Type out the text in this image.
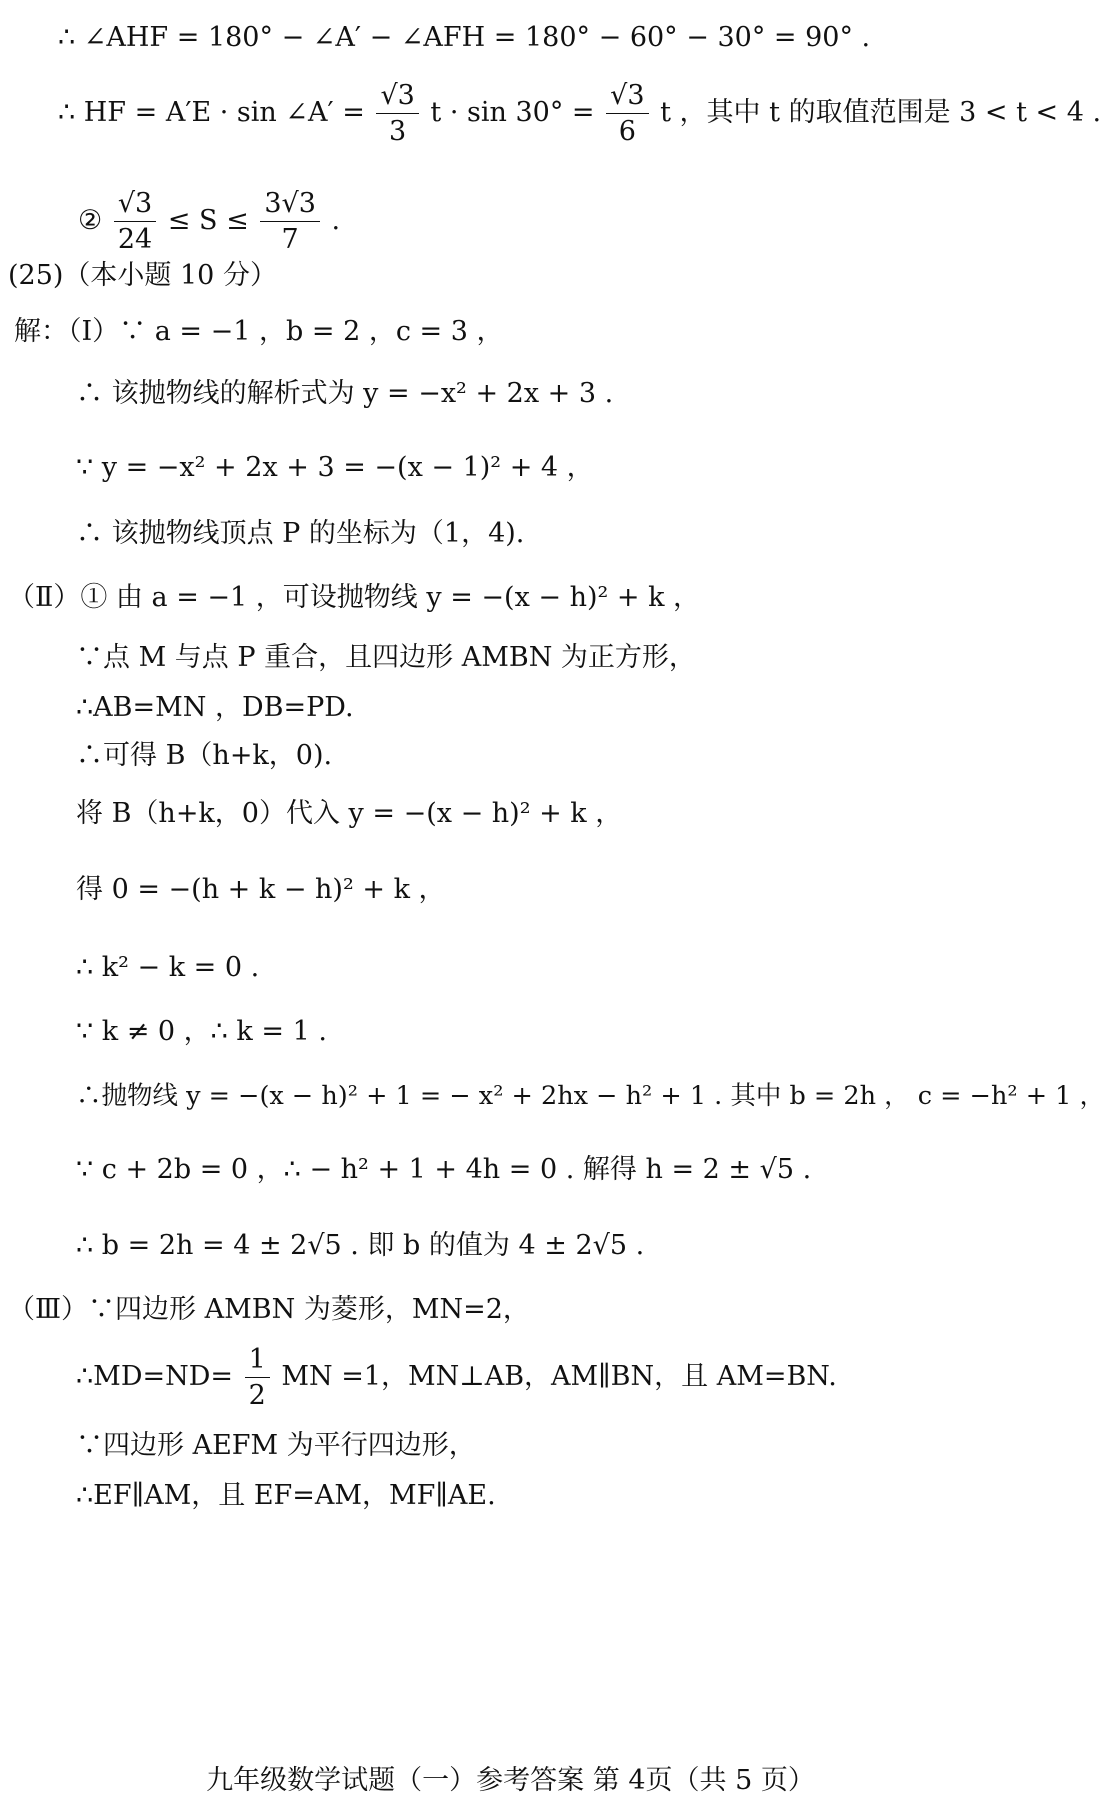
∴ ∠AHF = 180° − ∠A′ − ∠AFH = 180° − 60° − 30° = 90° .
∴ HF = A′E · sin ∠A′ = $\frac{√3}{3}$ $t \cdot \sin 30^\circ = \frac{√3}{6}$ t ，其中 t 的取值范围是 3 < t < 4 .
② $\frac{√3}{24} \le S \le \frac{3√3}{7}$ .
(25)（本小题 10 分）
解：（Ⅰ）∵ a = −1 ，b = 2 ，c = 3 ，
∴ 该抛物线的解析式为 y = −x² + 2x + 3 .
∵ y = −x² + 2x + 3 = −(x − 1)² + 4 ，
∴ 该抛物线顶点 P 的坐标为（1，4).
（Ⅱ）① 由 a = −1 ，可设抛物线 y = −(x − h)² + k ，
∵点 M 与点 P 重合，且四边形 AMBN 为正方形，
∴AB=MN ，DB=PD.
∴可得 B（h+k，0).
将 B（h+k，0）代入 y = −(x − h)² + k ，
得 0 = −(h + k − h)² + k ，
∴ k² − k = 0 .
∵ k ≠ 0 ，∴ k = 1 .
∴抛物线 y = −(x − h)² + 1 = − x² + 2hx − h² + 1 . 其中 b = 2h ， c = −h² + 1 ，
∵ c + 2b = 0 ，∴ − h² + 1 + 4h = 0 . 解得 h = 2 ± √5 .
∴ b = 2h = 4 ± 2√5 . 即 b 的值为 4 ± 2√5 .
（Ⅲ）∵四边形 AMBN 为菱形，MN=2，
∴MD=ND= $\frac{1}{2}$ MN =1，MN⊥AB，AM∥BN，且 AM=BN.
∵四边形 AEFM 为平行四边形，
∴EF∥AM，且 EF=AM，MF∥AE.
九年级数学试题（一）参考答案 第 4页（共 5 页）
